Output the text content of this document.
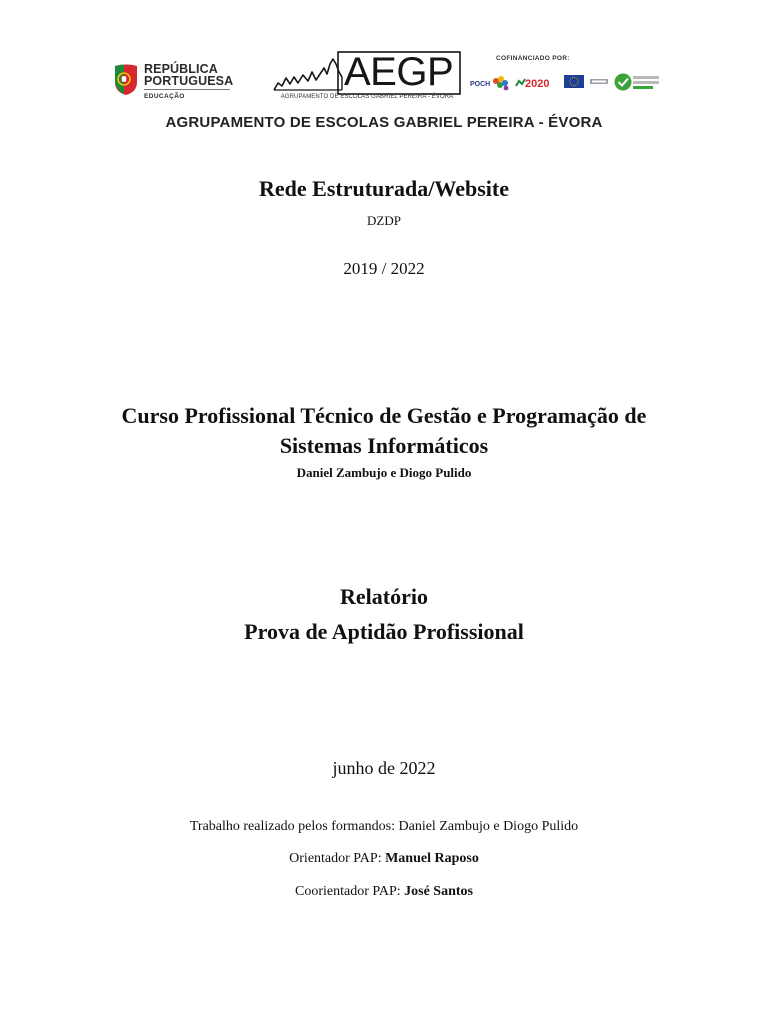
REPÚBLICA
PORTUGUESA
EDUCAÇÃO
AEGP
AGRUPAMENTO DE ESCOLAS GABRIEL PEREIRA - ÉVORA
COFINANCIADO POR:
POCH	2020
AGRUPAMENTO DE ESCOLAS GABRIEL PEREIRA - ÉVORA
Rede Estruturada/Website
DZDP
2019 / 2022
Curso Profissional Técnico de Gestão e Programação de
Sistemas Informáticos
Daniel Zambujo e Diogo Pulido
Relatório
Prova de Aptidão Profissional
junho de 2022
Trabalho realizado pelos formandos: Daniel Zambujo e Diogo Pulido
Orientador PAP: Manuel Raposo
Coorientador PAP: José Santos
